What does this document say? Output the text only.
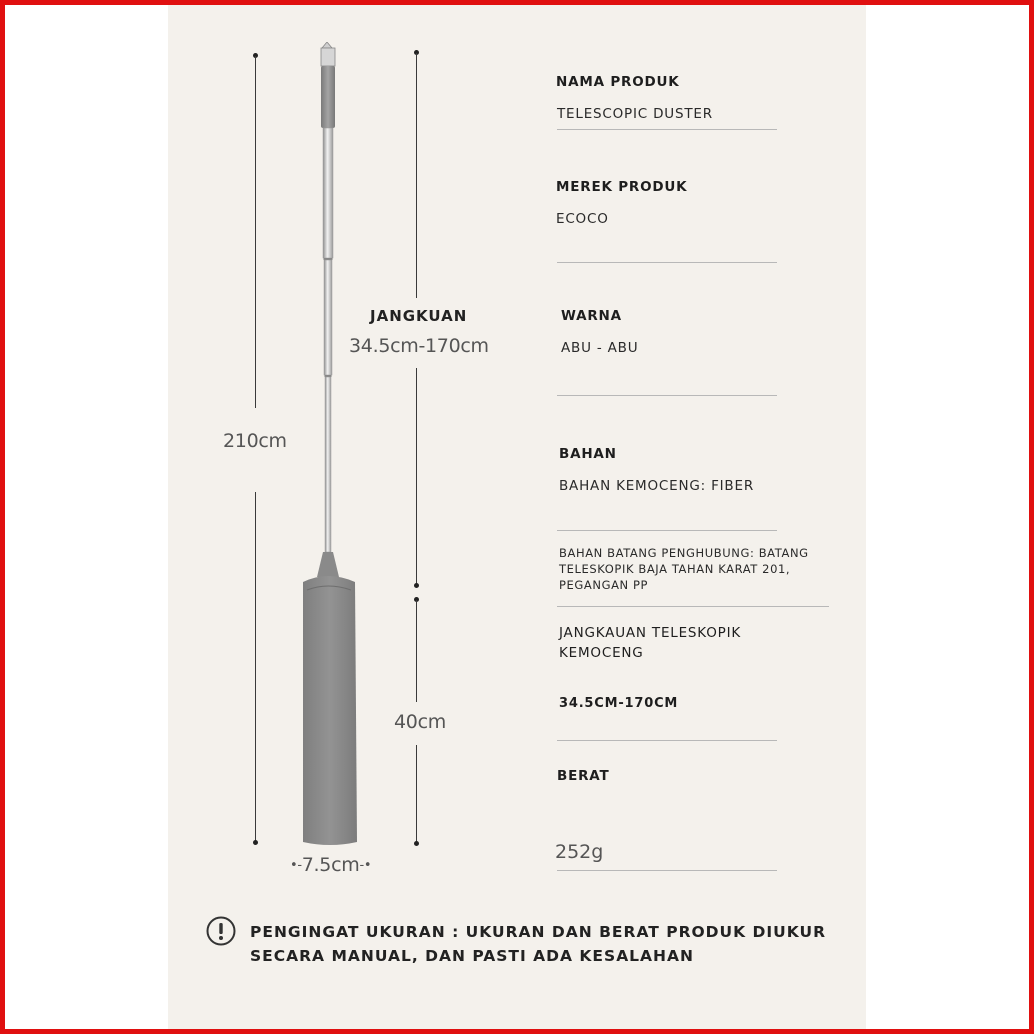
210cm
JANGKUAN
34.5cm-170cm
40cm
•-7.5cm-•
NAMA PRODUK
TELESCOPIC DUSTER
MEREK PRODUK
ECOCO
WARNA
ABU - ABU
BAHAN
BAHAN KEMOCENG: FIBER
BAHAN BATANG PENGHUBUNG: BATANG TELESKOPIK BAJA TAHAN KARAT 201, PEGANGAN PP
JANGKAUAN TELESKOPIK KEMOCENG
34.5CM-170CM
BERAT
252g
PENGINGAT UKURAN : UKURAN DAN BERAT PRODUK DIUKUR SECARA MANUAL, DAN PASTI ADA KESALAHAN
